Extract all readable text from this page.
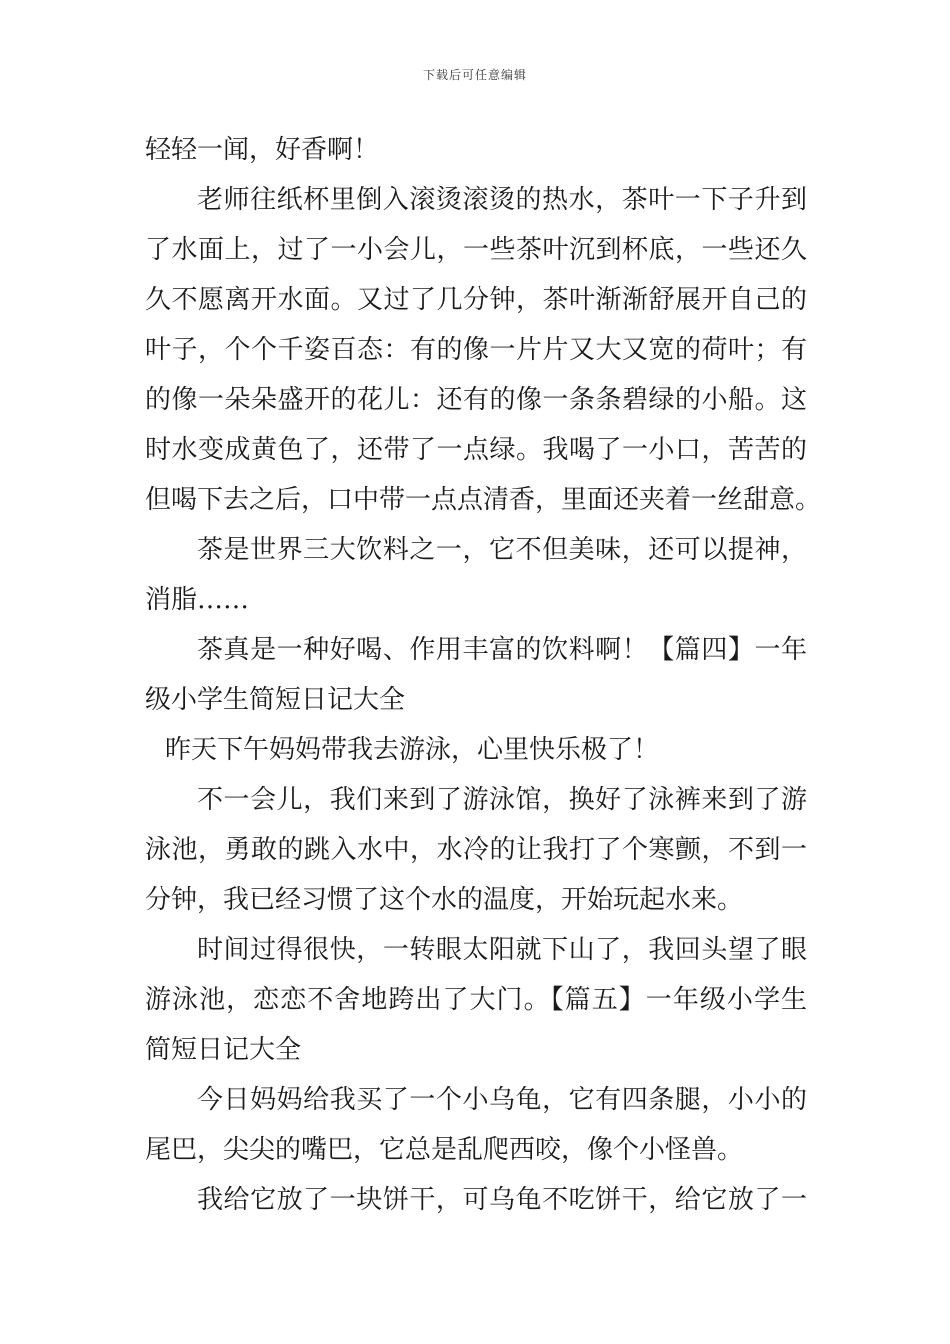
下载后可任意编辑
轻轻一闻，好香啊！
老师往纸杯里倒入滚烫滚烫的热水，茶叶一下子升到
了水面上，过了一小会儿，一些茶叶沉到杯底，一些还久
久不愿离开水面。又过了几分钟，茶叶渐渐舒展开自己的
叶子，个个千姿百态：有的像一片片又大又宽的荷叶；有
的像一朵朵盛开的花儿：还有的像一条条碧绿的小船。这
时水变成黄色了，还带了一点绿。我喝了一小口，苦苦的
但喝下去之后，口中带一点点清香，里面还夹着一丝甜意。
茶是世界三大饮料之一，它不但美味，还可以提神，
消脂……
茶真是一种好喝、作用丰富的饮料啊！【篇四】一年
级小学生简短日记大全
昨天下午妈妈带我去游泳，心里快乐极了！
不一会儿，我们来到了游泳馆，换好了泳裤来到了游
泳池，勇敢的跳入水中，水冷的让我打了个寒颤，不到一
分钟，我已经习惯了这个水的温度，开始玩起水来。
时间过得很快，一转眼太阳就下山了，我回头望了眼
游泳池，恋恋不舍地跨出了大门。【篇五】一年级小学生
简短日记大全
今日妈妈给我买了一个小乌龟，它有四条腿，小小的
尾巴，尖尖的嘴巴，它总是乱爬西咬，像个小怪兽。
我给它放了一块饼干，可乌龟不吃饼干，给它放了一
